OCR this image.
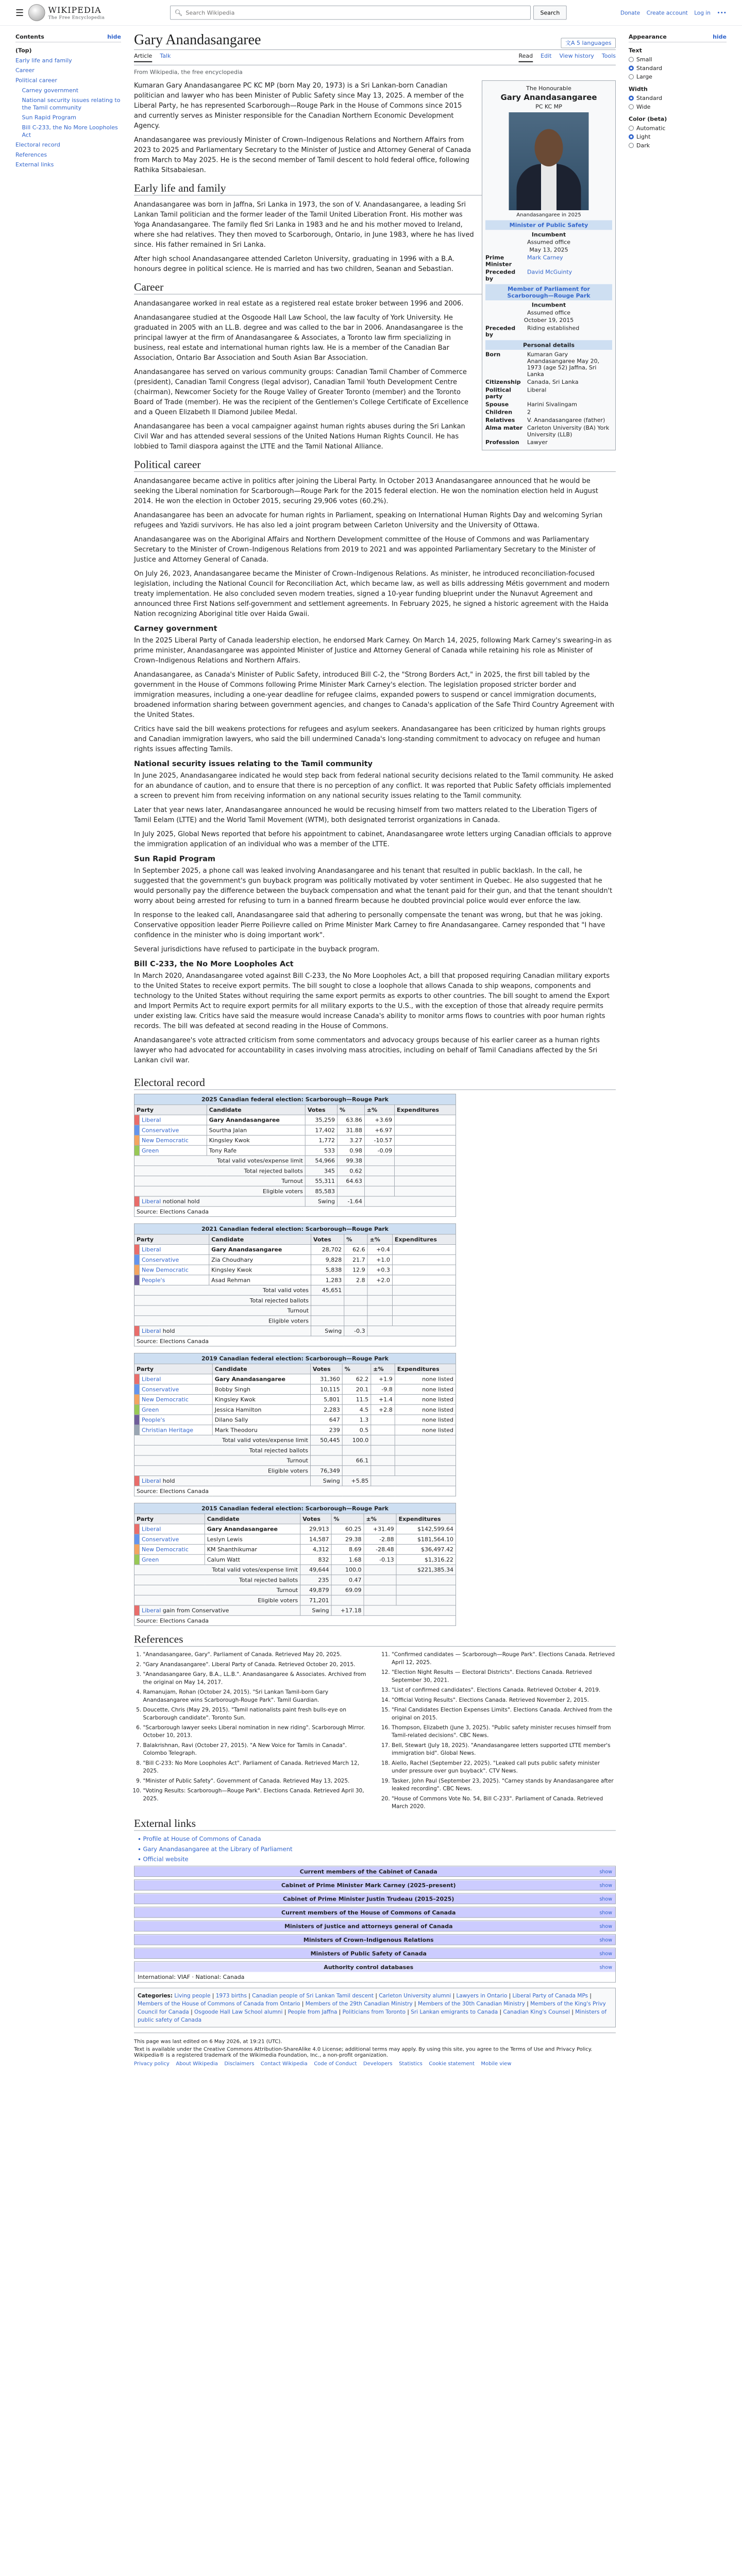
☰ WIKIPEDIA
The Free Encyclopedia
🔍︎
Search Wikipedia	Search	Donate Create account Log in •••
Contents	hide
(Top)
Early life and family
Career
Political career
Carney government
National security issues relating to the Tamil community
Sun Rapid Program
Bill C-233, the No More Loopholes Act
Electoral record
References
External links
Gary Anandasangaree	文A 5 languages
Article Talk	Read Edit View history Tools
From Wikipedia, the free encyclopedia
The Honourable
Gary Anandasangaree
PC KC MP
Anandasangaree in 2025
Minister of Public Safety
Incumbent
Assumed office
May 13, 2025
Prime Minister
Mark Carney
Preceded by
David McGuinty
Member of Parliament for Scarborough—Rouge Park
Incumbent
Assumed office
October 19, 2015
Preceded by
Riding established
Personal details
Born	Kumaran Gary Anandasangaree May 20, 1973 (age 52) Jaffna, Sri Lanka
Citizenship Canada, Sri Lanka
Political party
Liberal
Spouse Harini Sivalingam
Children 2
Relatives V. Anandasangaree (father)
Alma mater Carleton University (BA) York University (LLB)
Profession Lawyer

Kumaran Gary Anandasangaree PC KC MP (born May 20, 1973) is a Sri Lankan-born Canadian politician and lawyer who has been Minister of Public Safety since May 13, 2025. A member of the Liberal Party, he has represented Scarborough—Rouge Park in the House of Commons since 2015 and currently serves as Minister responsible for the Canadian Northern Economic Development Agency.

Anandasangaree was previously Minister of Crown–Indigenous Relations and Northern Affairs from 2023 to 2025 and Parliamentary Secretary to the Minister of Justice and Attorney General of Canada from March to May 2025. He is the second member of Tamil descent to hold federal office, following Rathika Sitsabaiesan.

Early life and family

Anandasangaree was born in Jaffna, Sri Lanka in 1973, the son of V. Anandasangaree, a leading Sri Lankan Tamil politician and the former leader of the Tamil United Liberation Front. His mother was Yoga Anandasangaree. The family fled Sri Lanka in 1983 and he and his mother moved to Ireland, where she had relatives. They then moved to Scarborough, Ontario, in June 1983, where he has lived since. His father remained in Sri Lanka.

After high school Anandasangaree attended Carleton University, graduating in 1996 with a B.A. honours degree in political science. He is married and has two children, Seanan and Sebastian.

Career

Anandasangaree worked in real estate as a registered real estate broker between 1996 and 2006.

Anandasangaree studied at the Osgoode Hall Law School, the law faculty of York University. He graduated in 2005 with an LL.B. degree and was called to the bar in 2006. Anandasangaree is the principal lawyer at the firm of Anandasangaree & Associates, a Toronto law firm specializing in business, real estate and international human rights law. He is a member of the Canadian Bar Association, Ontario Bar Association and South Asian Bar Association.

Anandasangaree has served on various community groups: Canadian Tamil Chamber of Commerce (president), Canadian Tamil Congress (legal advisor), Canadian Tamil Youth Development Centre (chairman), Newcomer Society for the Rouge Valley of Greater Toronto (member) and the Toronto Board of Trade (member). He was the recipient of the Gentlemen's College Certificate of Excellence and a Queen Elizabeth II Diamond Jubilee Medal.

Anandasangaree has been a vocal campaigner against human rights abuses during the Sri Lankan Civil War and has attended several sessions of the United Nations Human Rights Council. He has lobbied to Tamil diaspora against the LTTE and the Tamil National Alliance.

Political career

Anandasangaree became active in politics after joining the Liberal Party. In October 2013 Anandasangaree announced that he would be seeking the Liberal nomination for Scarborough—Rouge Park for the 2015 federal election. He won the nomination election held in August 2014. He won the election in October 2015, securing 29,906 votes (60.2%).

Anandasangaree has been an advocate for human rights in Parliament, speaking on International Human Rights Day and welcoming Syrian refugees and Yazidi survivors. He has also led a joint program between Carleton University and the University of Ottawa.

Anandasangaree was on the Aboriginal Affairs and Northern Development committee of the House of Commons and was Parliamentary Secretary to the Minister of Crown–Indigenous Relations from 2019 to 2021 and was appointed Parliamentary Secretary to the Minister of Justice and Attorney General of Canada.

On July 26, 2023, Anandasangaree became the Minister of Crown–Indigenous Relations. As minister, he introduced reconciliation-focused legislation, including the National Council for Reconciliation Act, which became law, as well as bills addressing Métis government and modern treaty implementation. He also concluded seven modern treaties, signed a 10-year funding blueprint under the Nunavut Agreement and announced three First Nations self-government and settlement agreements. In February 2025, he signed a historic agreement with the Haida Nation recognizing Aboriginal title over Haida Gwaii.

Carney government

In the 2025 Liberal Party of Canada leadership election, he endorsed Mark Carney. On March 14, 2025, following Mark Carney's swearing-in as prime minister, Anandasangaree was appointed Minister of Justice and Attorney General of Canada while retaining his role as Minister of Crown–Indigenous Relations and Northern Affairs.

Anandasangaree, as Canada's Minister of Public Safety, introduced Bill C-2, the "Strong Borders Act," in 2025, the first bill tabled by the government in the House of Commons following Prime Minister Mark Carney's election. The legislation proposed stricter border and immigration measures, including a one-year deadline for refugee claims, expanded powers to suspend or cancel immigration documents, broadened information sharing between government agencies, and changes to Canada's application of the Safe Third Country Agreement with the United States.

Critics have said the bill weakens protections for refugees and asylum seekers. Anandasangaree has been criticized by human rights groups and Canadian immigration lawyers, who said the bill undermined Canada's long-standing commitment to advocacy on refugee and human rights issues affecting Tamils.

National security issues relating to the Tamil community

In June 2025, Anandasangaree indicated he would step back from federal national security decisions related to the Tamil community. He asked for an abundance of caution, and to ensure that there is no perception of any conflict. It was reported that Public Safety officials implemented a screen to prevent him from receiving information on any national security issues relating to the Tamil community.

Later that year news later, Anandasangaree announced he would be recusing himself from two matters related to the Liberation Tigers of Tamil Eelam (LTTE) and the World Tamil Movement (WTM), both designated terrorist organizations in Canada.

In July 2025, Global News reported that before his appointment to cabinet, Anandasangaree wrote letters urging Canadian officials to approve the immigration application of an individual who was a member of the LTTE.

Sun Rapid Program

In September 2025, a phone call was leaked involving Anandasangaree and his tenant that resulted in public backlash. In the call, he suggested that the government's gun buyback program was politically motivated by voter sentiment in Quebec. He also suggested that he would personally pay the difference between the buyback compensation and what the tenant paid for their gun, and that the tenant shouldn't worry about being arrested for refusing to turn in a banned firearm because he doubted provincial police would ever enforce the law.

In response to the leaked call, Anandasangaree said that adhering to personally compensate the tenant was wrong, but that he was joking. Conservative opposition leader Pierre Poilievre called on Prime Minister Mark Carney to fire Anandasangaree. Carney responded that "I have confidence in the minister who is doing important work".

Several jurisdictions have refused to participate in the buyback program.

Bill C-233, the No More Loopholes Act

In March 2020, Anandasangaree voted against Bill C-233, the No More Loopholes Act, a bill that proposed requiring Canadian military exports to the United States to receive export permits. The bill sought to close a loophole that allows Canada to ship weapons, components and technology to the United States without requiring the same export permits as exports to other countries. The bill sought to amend the Export and Import Permits Act to require export permits for all military exports to the U.S., with the exception of those that already require permits under existing law. Critics have said the measure would increase Canada's ability to monitor arms flows to countries with poor human rights records. The bill was defeated at second reading in the House of Commons.

Anandasangaree's vote attracted criticism from some commentators and advocacy groups because of his earlier career as a human rights lawyer who had advocated for accountability in cases involving mass atrocities, including on behalf of Tamil Canadians affected by the Sri Lankan civil war.

Electoral record
2025 Canadian federal election: Scarborough—Rouge Park
Party		Candidate	Votes	%	±%	Expenditures
	Liberal	Gary Anandasangaree	35,259	63.86	+3.69	
	Conservative	Sourtha Jalan	17,402	31.88	+6.97	
	New Democratic	Kingsley Kwok	1,772	3.27	-10.57	
	Green	Tony Rafe	533	0.98	-0.09	
Total valid votes/expense limit			54,966	99.38		
Total rejected ballots			345	0.62		
Turnout			55,311	64.63		
Eligible voters			85,583			
	Liberalnotional hold		Swing	-1.64		
Source: Elections Canada						
2021 Canadian federal election: Scarborough—Rouge Park
Party		Candidate	Votes	%	±%	Expenditures
	Liberal	Gary Anandasangaree	28,702	62.6	+0.4	
	Conservative	Zia Choudhary	9,828	21.7	+1.0	
	New Democratic	Kingsley Kwok	5,838	12.9	+0.3	
	People's	Asad Rehman	1,283	2.8	+2.0	
Total valid votes			45,651			
Total rejected ballots						
Turnout						
Eligible voters						
	Liberalhold		Swing	-0.3		
Source: Elections Canada						
2019 Canadian federal election: Scarborough—Rouge Park
Party		Candidate	Votes	%	±%	Expenditures
	Liberal	Gary Anandasangaree	31,360	62.2	+1.9	none listed
	Conservative	Bobby Singh	10,115	20.1	-9.8	none listed
	New Democratic	Kingsley Kwok	5,801	11.5	+1.4	none listed
	Green	Jessica Hamilton	2,283	4.5	+2.8	none listed
	People's	Dilano Sally	647	1.3		none listed
	Christian Heritage	Mark Theodoru	239	0.5		none listed
Total valid votes/expense limit			50,445	100.0		
Total rejected ballots						
Turnout				66.1		
Eligible voters			76,349			
	Liberalhold		Swing	+5.85		
Source: Elections Canada						
2015 Canadian federal election: Scarborough—Rouge Park
Party		Candidate	Votes	%	±%	Expenditures
	Liberal	Gary Anandasangaree	29,913	60.25	+31.49	$142,599.64
	Conservative	Leslyn Lewis	14,587	29.38	-2.88	$181,564.10
	New Democratic	KM Shanthikumar	4,312	8.69	-28.48	$36,497.42
	Green	Calum Watt	832	1.68	-0.13	$1,316.22
Total valid votes/expense limit			49,644	100.0		$221,385.34
Total rejected ballots			235	0.47		
Turnout			49,879	69.09		
Eligible voters			71,201			
	Liberalgain from Conservative		Swing	+17.18		
Source: Elections Canada						
References
1. "Anandasangaree, Gary". Parliament of Canada. Retrieved May 20, 2025.
2. "Gary Anandasangaree". Liberal Party of Canada. Retrieved October 20, 2015.
3. "Anandasangaree Gary, B.A., LL.B.". Anandasangaree & Associates. Archived from the original on May 14, 2017.
4. Ramanujam, Rohan (October 24, 2015). "Sri Lankan Tamil-born Gary Anandasangaree wins Scarborough-Rouge Park". Tamil Guardian.
5. Doucette, Chris (May 29, 2015). "Tamil nationalists paint fresh bulls-eye on Scarborough candidate". Toronto Sun.
6. "Scarborough lawyer seeks Liberal nomination in new riding". Scarborough Mirror. October 10, 2013.
7. Balakrishnan, Ravi (October 27, 2015). "A New Voice for Tamils in Canada". Colombo Telegraph.
8. "Bill C-233: No More Loopholes Act". Parliament of Canada. Retrieved March 12, 2025.
9. "Minister of Public Safety". Government of Canada. Retrieved May 13, 2025.
10. "Voting Results: Scarborough—Rouge Park". Elections Canada. Retrieved April 30, 2025.
11. "Confirmed candidates — Scarborough—Rouge Park". Elections Canada. Retrieved April 12, 2025.
12. "Election Night Results — Electoral Districts". Elections Canada. Retrieved September 30, 2021.
13. "List of confirmed candidates". Elections Canada. Retrieved October 4, 2019.
14. "Official Voting Results". Elections Canada. Retrieved November 2, 2015.
15. "Final Candidates Election Expenses Limits". Elections Canada. Archived from the original on 2015.
16. Thompson, Elizabeth (June 3, 2025). "Public safety minister recuses himself from Tamil-related decisions". CBC News.
17. Bell, Stewart (July 18, 2025). "Anandasangaree letters supported LTTE member's immigration bid". Global News.
18. Aiello, Rachel (September 22, 2025). "Leaked call puts public safety minister under pressure over gun buyback". CTV News.
19. Tasker, John Paul (September 23, 2025). "Carney stands by Anandasangaree after leaked recording". CBC News.
20. "House of Commons Vote No. 54, Bill C-233". Parliament of Canada. Retrieved March 2020.
External links
• Profile at House of Commons of Canada
• Gary Anandasangaree at the Library of Parliament
• Official website
Current members of the Cabinet of Canada	show
Cabinet of Prime Minister Mark Carney (2025–present)	show
Cabinet of Prime Minister Justin Trudeau (2015–2025)	show
Current members of the House of Commons of Canada	show
Ministers of justice and attorneys general of Canada	show
Ministers of Crown–Indigenous Relations	show
Ministers of Public Safety of Canada	show
Authority control databases	show
International: VIAF · National: Canada
Categories: Living people | 1973 births | Canadian people of Sri Lankan Tamil descent | Carleton University alumni | Lawyers in Ontario | Liberal Party of Canada MPs | Members of the House of Commons of Canada from Ontario | Members of the 29th Canadian Ministry | Members of the 30th Canadian Ministry | Members of the King's Privy Council for Canada | Osgoode Hall Law School alumni | People from Jaffna | Politicians from Toronto | Sri Lankan emigrants to Canada | Canadian King's Counsel | Ministers of public safety of Canada
This page was last edited on 6 May 2026, at 19:21 (UTC).
Text is available under the Creative Commons Attribution-ShareAlike 4.0 License; additional terms may apply. By using this site, you agree to the Terms of Use and Privacy Policy. Wikipedia® is a registered trademark of the Wikimedia Foundation, Inc., a non-profit organization.
Privacy policy About Wikipedia Disclaimers Contact Wikipedia Code of Conduct Developers Statistics Cookie statement Mobile view
Appearance hide
Text
Small
Standard
Large
Width
Standard
Wide
Color (beta)
Automatic
Light
Dark
